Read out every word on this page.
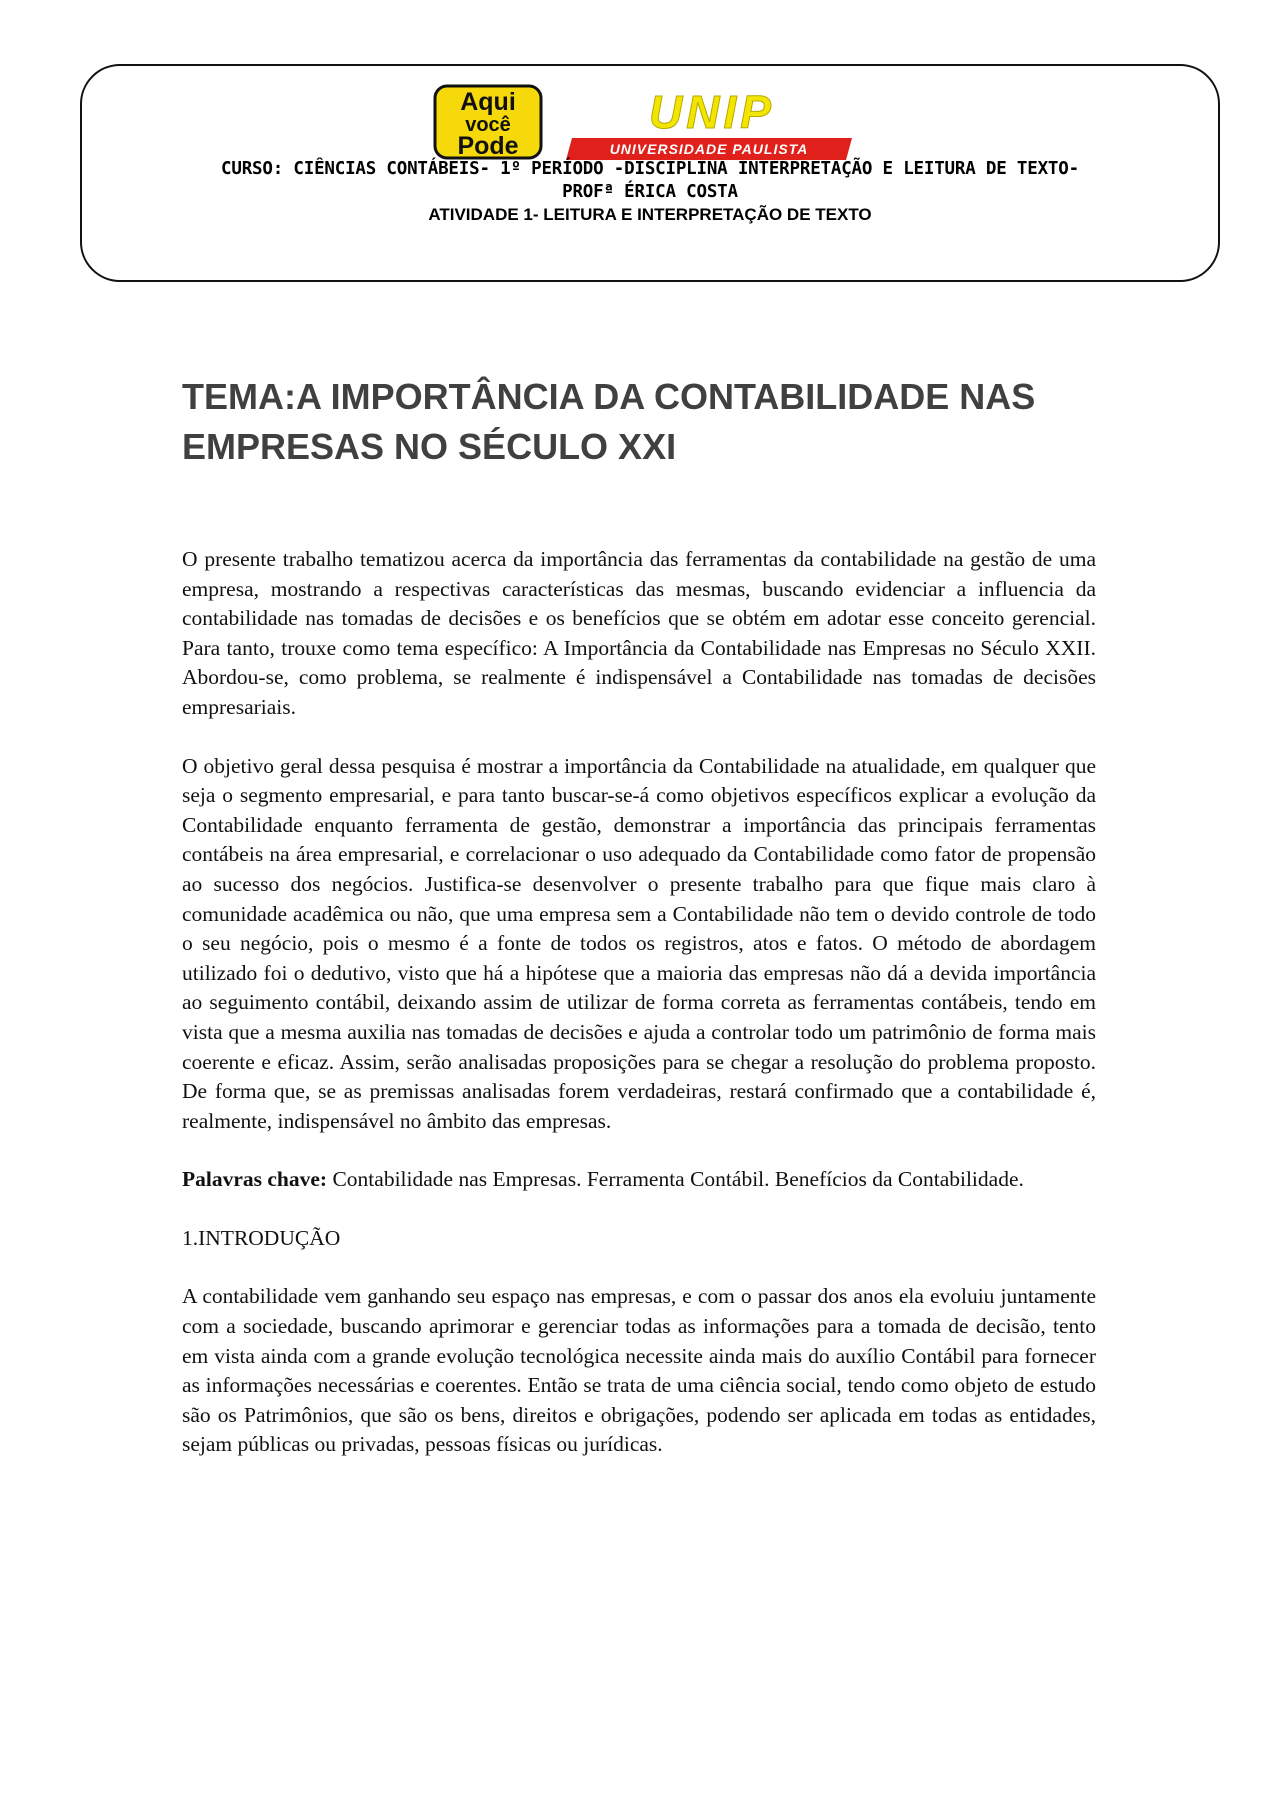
Aqui
você
Pode
UNIP
UNIVERSIDADE PAULISTA
CURSO: CIÊNCIAS CONTÁBEIS- 1º PERÍODO -DISCIPLINA INTERPRETAÇÃO E LEITURA DE TEXTO-
PROFª ÉRICA COSTA
ATIVIDADE 1- LEITURA E INTERPRETAÇÃO DE TEXTO
TEMA:A IMPORTÂNCIA DA CONTABILIDADE NAS
EMPRESAS NO SÉCULO XXI

O presente trabalho tematizou acerca da importância das ferramentas da contabilidade na gestão de uma empresa, mostrando a respectivas características das mesmas, buscando evidenciar a influencia da contabilidade nas tomadas de decisões e os benefícios que se obtém em adotar esse conceito gerencial. Para tanto, trouxe como tema específico: A Importância da Contabilidade nas Empresas no Século XXII. Abordou-se, como problema, se realmente é indispensável a Contabilidade nas tomadas de decisões empresariais.

O objetivo geral dessa pesquisa é mostrar a importância da Contabilidade na atualidade, em qualquer que seja o segmento empresarial, e para tanto buscar-se-á como objetivos específicos explicar a evolução da Contabilidade enquanto ferramenta de gestão, demonstrar a importância das principais ferramentas contábeis na área empresarial, e correlacionar o uso adequado da Contabilidade como fator de propensão ao sucesso dos negócios. Justifica-se desenvolver o presente trabalho para que fique mais claro à comunidade acadêmica ou não, que uma empresa sem a Contabilidade não tem o devido controle de todo o seu negócio, pois o mesmo é a fonte de todos os registros, atos e fatos. O método de abordagem utilizado foi o dedutivo, visto que há a hipótese que a maioria das empresas não dá a devida importância ao seguimento contábil, deixando assim de utilizar de forma correta as ferramentas contábeis, tendo em vista que a mesma auxilia nas tomadas de decisões e ajuda a controlar todo um patrimônio de forma mais coerente e eficaz. Assim, serão analisadas proposições para se chegar a resolução do problema proposto. De forma que, se as premissas analisadas forem verdadeiras, restará confirmado que a contabilidade é, realmente, indispensável no âmbito das empresas.

Palavras chave: Contabilidade nas Empresas. Ferramenta Contábil. Benefícios da Contabilidade.

1.INTRODUÇÃO

A contabilidade vem ganhando seu espaço nas empresas, e com o passar dos anos ela evoluiu juntamente com a sociedade, buscando aprimorar e gerenciar todas as informações para a tomada de decisão, tento em vista ainda com a grande evolução tecnológica necessite ainda mais do auxílio Contábil para fornecer as informações necessárias e coerentes. Então se trata de uma ciência social, tendo como objeto de estudo são os Patrimônios, que são os bens, direitos e obrigações, podendo ser aplicada em todas as entidades, sejam públicas ou privadas, pessoas físicas ou jurídicas.
